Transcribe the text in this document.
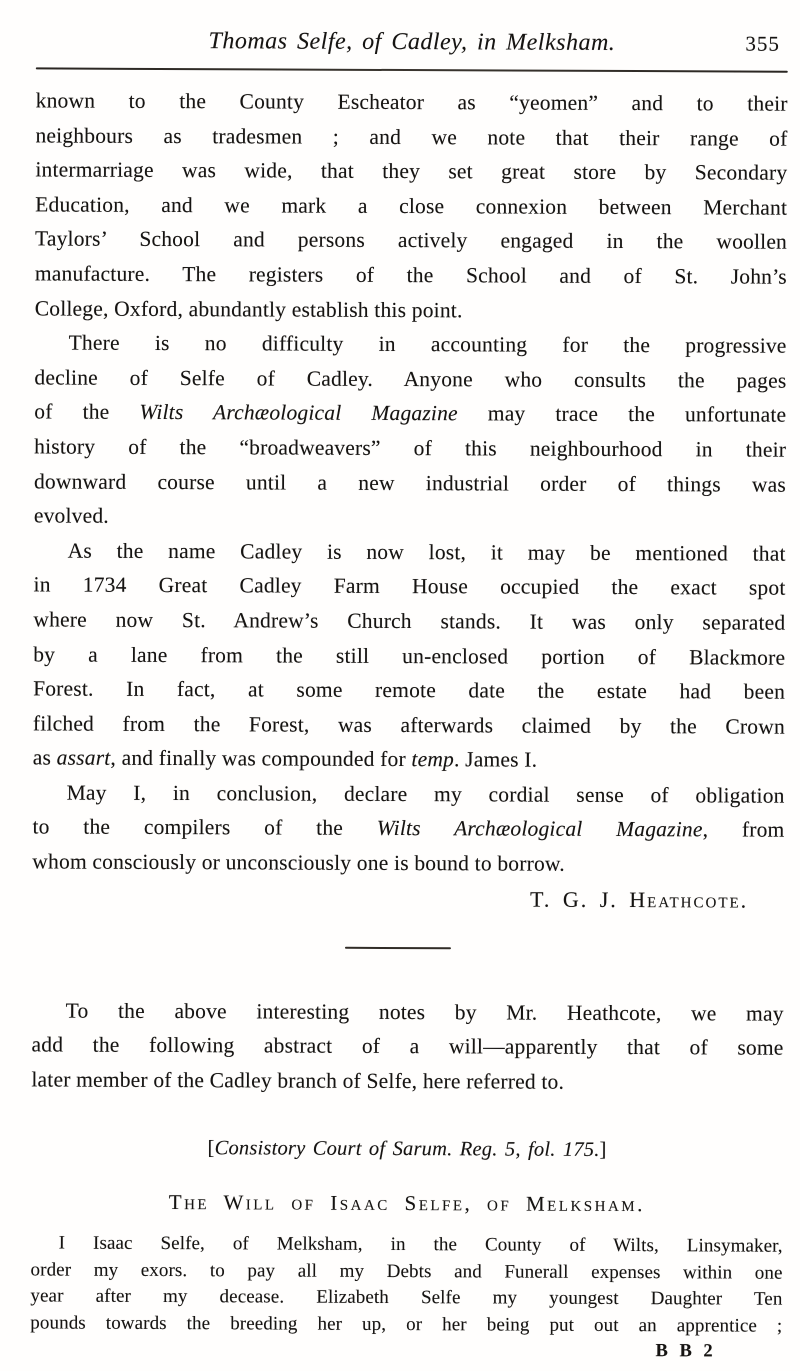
Thomas Selfe, of Cadley, in Melksham.	355
known to the County Escheator as “yeomen” and to their
neighbours as tradesmen ; and we note that their range of
intermarriage was wide, that they set great store by Secondary
Education, and we mark a close connexion between Merchant
Taylors’ School and persons actively engaged in the woollen
manufacture. The registers of the School and of St. John’s
College, Oxford, abundantly establish this point.
There is no difficulty in accounting for the progressive
decline of Selfe of Cadley. Anyone who consults the pages
of the Wilts Archæological Magazine may trace the unfortunate
history of the “broadweavers” of this neighbourhood in their
downward course until a new industrial order of things was
evolved.
As the name Cadley is now lost, it may be mentioned that
in 1734 Great Cadley Farm House occupied the exact spot
where now St. Andrew’s Church stands. It was only separated
by a lane from the still un-enclosed portion of Blackmore
Forest. In fact, at some remote date the estate had been
filched from the Forest, was afterwards claimed by the Crown
as assart, and finally was compounded for temp. James I.
May I, in conclusion, declare my cordial sense of obligation
to the compilers of the Wilts Archæological Magazine, from
whom consciously or unconsciously one is bound to borrow.
T. G. J. Heathcote.
To the above interesting notes by Mr. Heathcote, we may
add the following abstract of a will—apparently that of some
later member of the Cadley branch of Selfe, here referred to.
[Consistory Court of Sarum. Reg. 5, fol. 175.]
The Will of Isaac Selfe, of Melksham.
I Isaac Selfe, of Melksham, in the County of Wilts, Linsymaker,
order my exors. to pay all my Debts and Funerall expenses within one
year after my decease. Elizabeth Selfe my youngest Daughter Ten
pounds towards the breeding her up, or her being put out an apprentice ;
B B 2
